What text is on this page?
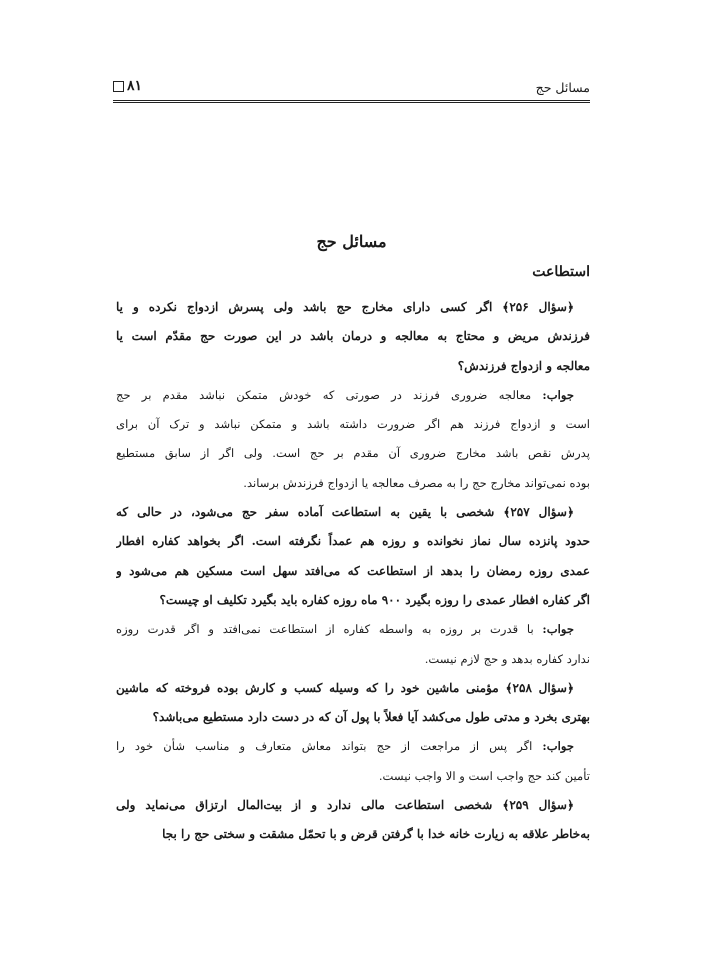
مسائل حج
۸۱
مسائل حج
استطاعت
﴿سؤال ۲۵۶﴾ اگر کسی دارای مخارج حج باشد ولی پسرش ازدواج نکرده و یا
فرزندش مریض و محتاج به معالجه و درمان باشد در این صورت حج مقدّم است یا
معالجه و ازدواج فرزندش؟
جواب: معالجه ضروری فرزند در صورتی که خودش متمکن نباشد مقدم بر حج
است و ازدواج فرزند هم اگر ضرورت داشته باشد و متمکن نباشد و ترک آن برای
پدرش نقص باشد مخارج ضروری آن مقدم بر حج است. ولی اگر از سابق مستطیع
بوده نمی‌تواند مخارج حج را به مصرف معالجه یا ازدواج فرزندش برساند.
﴿سؤال ۲۵۷﴾ شخصی با یقین به استطاعت آماده سفر حج می‌شود، در حالی که
حدود پانزده سال نماز نخوانده و روزه هم عمداً نگرفته است. اگر بخواهد کفاره افطار
عمدی روزه رمضان را بدهد از استطاعت که می‌افتد سهل است مسکین هم می‌شود و
اگر کفاره افطار عمدی را روزه بگیرد ۹۰۰ ماه روزه کفاره باید بگیرد تکلیف او چیست؟
جواب: با قدرت بر روزه به واسطه کفاره از استطاعت نمی‌افتد و اگر قدرت روزه
ندارد کفاره بدهد و حج لازم نیست.
﴿سؤال ۲۵۸﴾ مؤمنی ماشین خود را که وسیله کسب و کارش بوده فروخته که ماشین
بهتری بخرد و مدتی طول می‌کشد آیا فعلاً با پول آن که در دست دارد مستطیع می‌باشد؟
جواب: اگر پس از مراجعت از حج بتواند معاش متعارف و مناسب شأن خود را
تأمین کند حج واجب است و الا واجب نیست.
﴿سؤال ۲۵۹﴾ شخصی استطاعت مالی ندارد و از بیت‌المال ارتزاق می‌نماید ولی
به‌خاطر علاقه به زیارت خانه خدا با گرفتن قرض و با تحمّل مشقت و سختی حج را بجا
